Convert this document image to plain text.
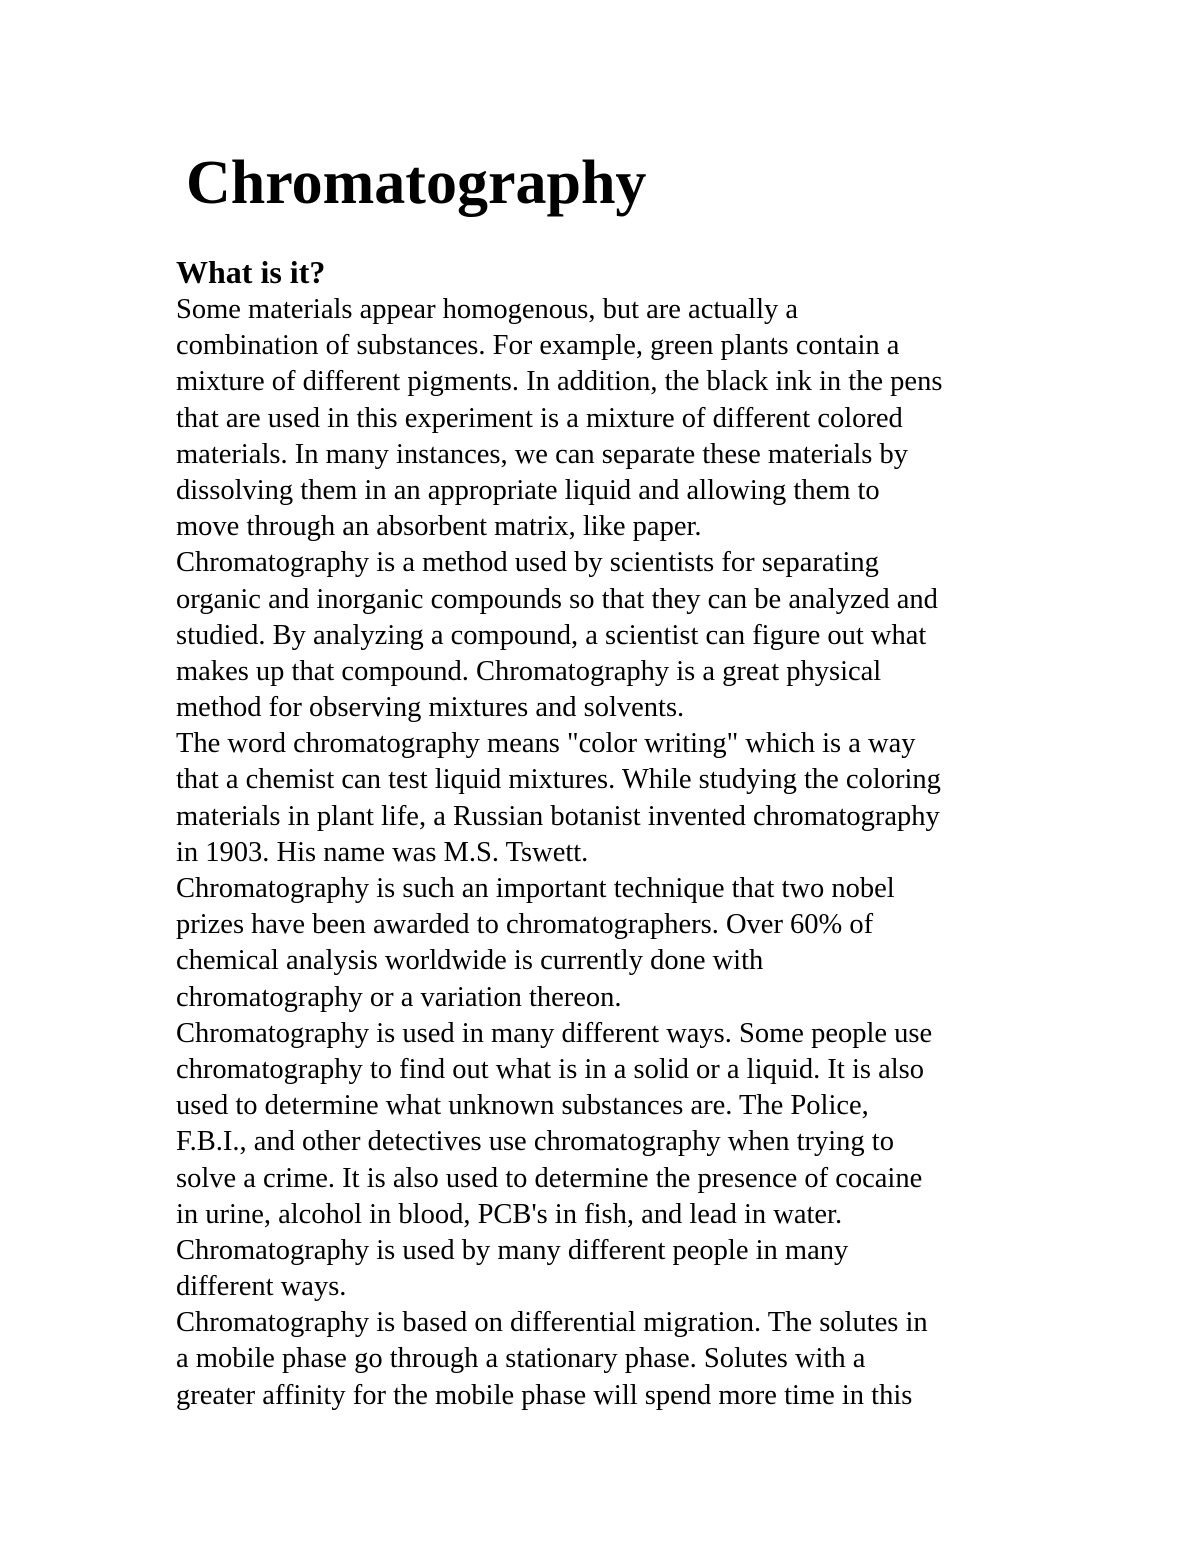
Chromatography
What is it?
Some materials appear homogenous, but are actually a
combination of substances. For example, green plants contain a
mixture of different pigments. In addition, the black ink in the pens
that are used in this experiment is a mixture of different colored
materials. In many instances, we can separate these materials by
dissolving them in an appropriate liquid and allowing them to
move through an absorbent matrix, like paper.
Chromatography is a method used by scientists for separating
organic and inorganic compounds so that they can be analyzed and
studied. By analyzing a compound, a scientist can figure out what
makes up that compound. Chromatography is a great physical
method for observing mixtures and solvents.
The word chromatography means "color writing" which is a way
that a chemist can test liquid mixtures. While studying the coloring
materials in plant life, a Russian botanist invented chromatography
in 1903. His name was M.S. Tswett.
Chromatography is such an important technique that two nobel
prizes have been awarded to chromatographers. Over 60% of
chemical analysis worldwide is currently done with
chromatography or a variation thereon.
Chromatography is used in many different ways. Some people use
chromatography to find out what is in a solid or a liquid. It is also
used to determine what unknown substances are. The Police,
F.B.I., and other detectives use chromatography when trying to
solve a crime. It is also used to determine the presence of cocaine
in urine, alcohol in blood, PCB's in fish, and lead in water.
Chromatography is used by many different people in many
different ways.
Chromatography is based on differential migration. The solutes in
a mobile phase go through a stationary phase. Solutes with a
greater affinity for the mobile phase will spend more time in this
